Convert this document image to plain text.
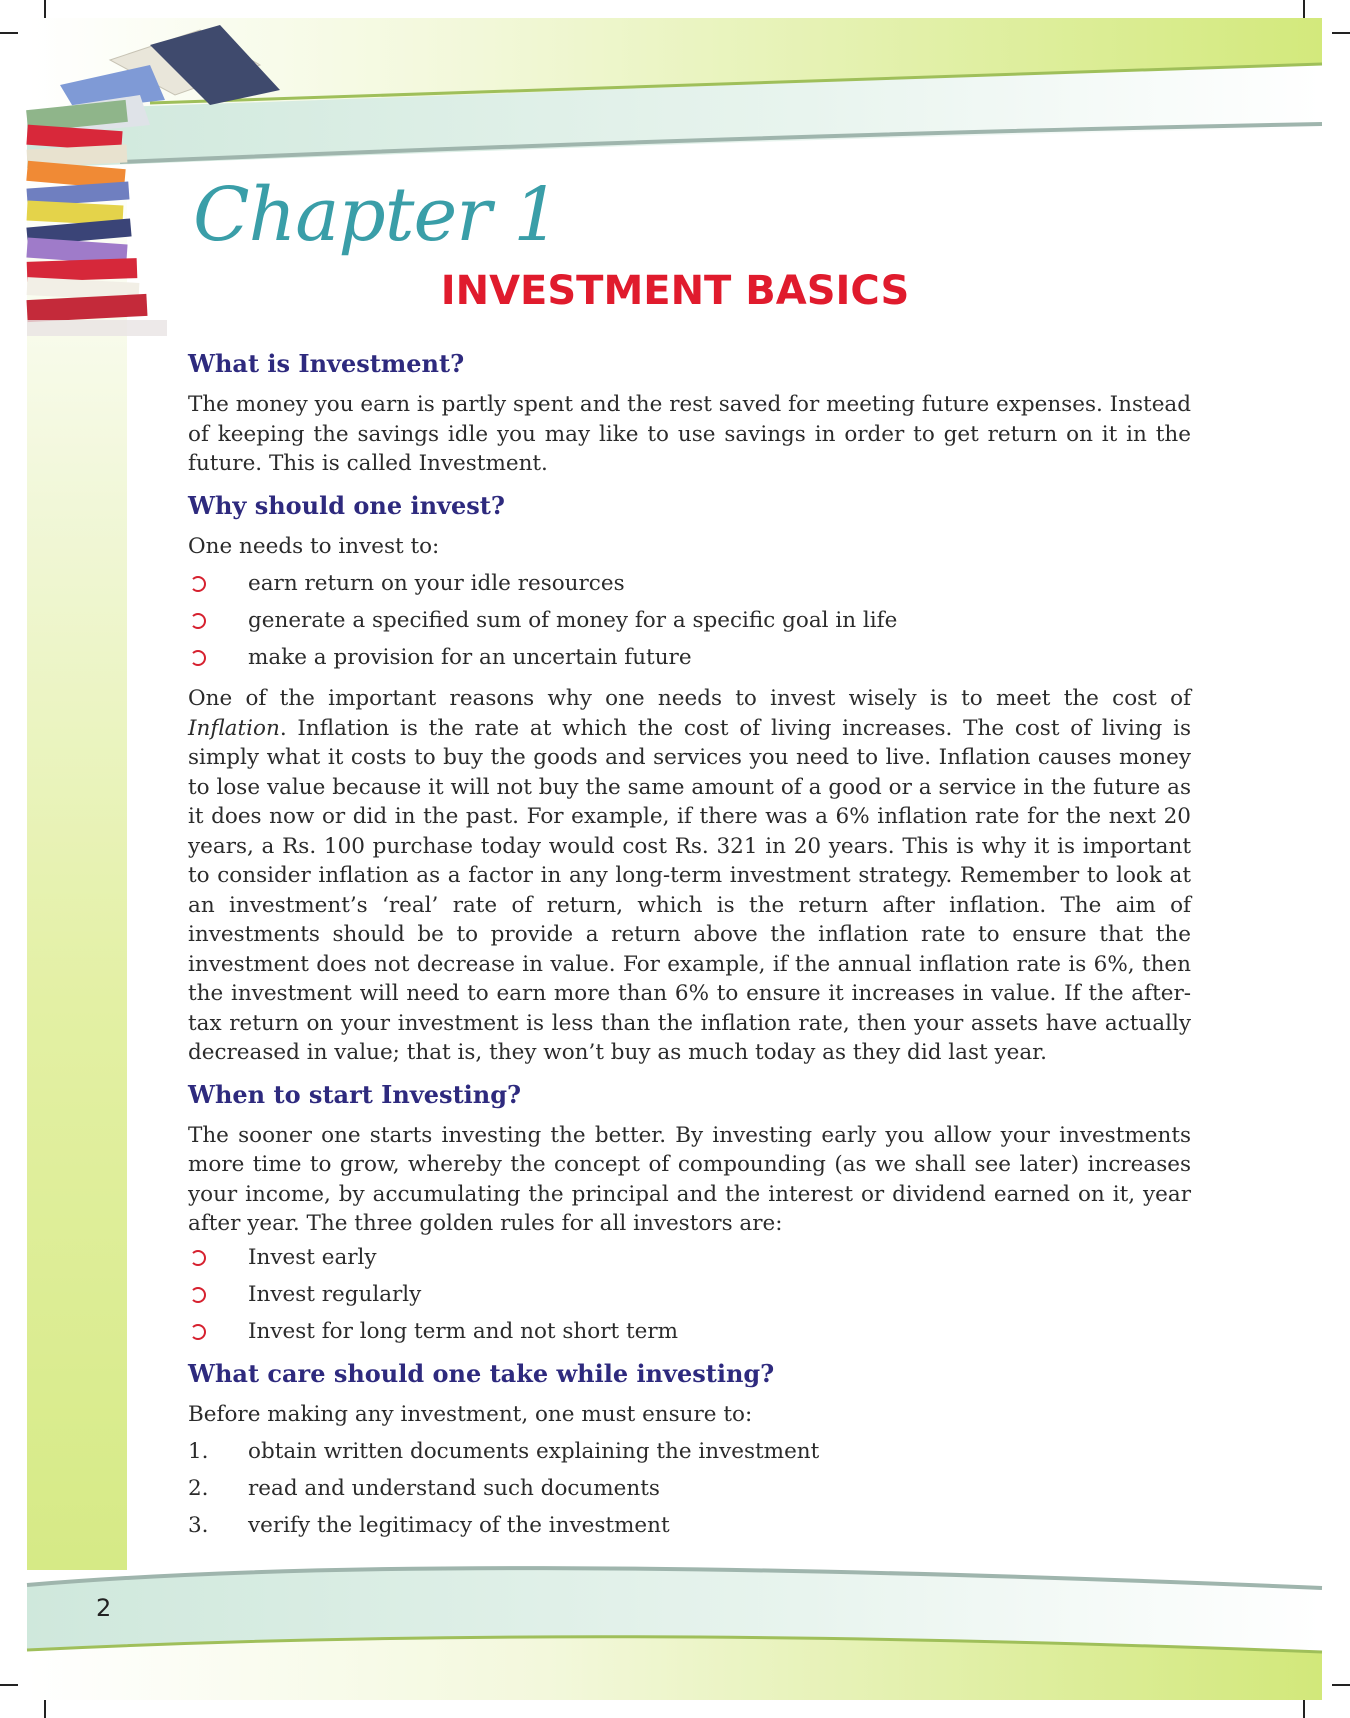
Chapter 1
INVESTMENT BASICS
What is Investment?

The money you earn is partly spent and the rest saved for meeting future expenses. Instead of keeping the savings idle you may like to use savings in order to get return on it in the future. This is called Investment.

Why should one invest?

One needs to invest to:

earn return on your idle resources
generate a specified sum of money for a specific goal in life
make a provision for an uncertain future

One of the important reasons why one needs to invest wisely is to meet the cost of Inflation. Inflation is the rate at which the cost of living increases. The cost of living is simply what it costs to buy the goods and services you need to live. Inflation causes money to lose value because it will not buy the same amount of a good or a service in the future as it does now or did in the past. For example, if there was a 6% inflation rate for the next 20 years, a Rs. 100 purchase today would cost Rs. 321 in 20 years. This is why it is important to consider inflation as a factor in any long-term investment strategy. Remember to look at an investment’s ‘real’ rate of return, which is the return after inflation. The aim of investments should be to provide a return above the inflation rate to ensure that the investment does not decrease in value. For example, if the annual inflation rate is 6%, then the investment will need to earn more than 6% to ensure it increases in value. If the after-tax return on your investment is less than the inflation rate, then your assets have actually decreased in value; that is, they won’t buy as much today as they did last year.

When to start Investing?

The sooner one starts investing the better. By investing early you allow your investments more time to grow, whereby the concept of compounding (as we shall see later) increases your income, by accumulating the principal and the interest or dividend earned on it, year after year. The three golden rules for all investors are:

Invest early
Invest regularly
Invest for long term and not short term
What care should one take while investing?

Before making any investment, one must ensure to:

1. obtain written documents explaining the investment
2. read and understand such documents
3. verify the legitimacy of the investment
2
